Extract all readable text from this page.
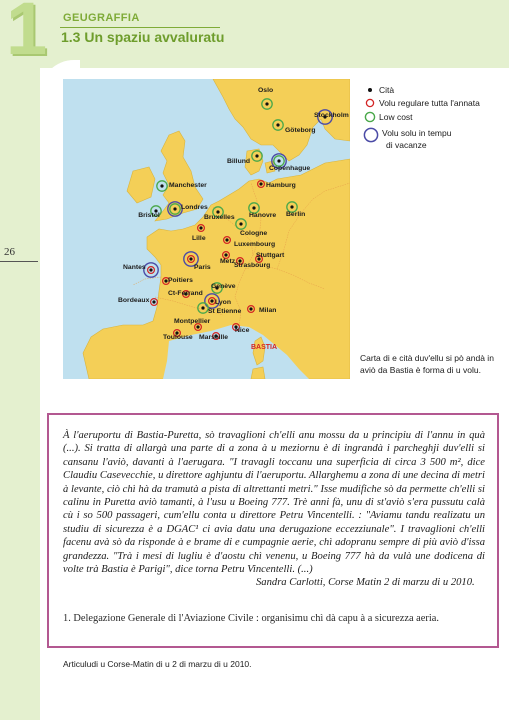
1 GEUGRAFFIA
1.3 Un spaziu avvaluratu
26
Oslo
Stockholm
Göteborg
Billund
Copenhague
Manchester	Hamburg
Londres
Bristol	Bruxelles Hanovre Berlin
Cologne
Lille
Luxembourg
Stuttgart
Paris
Metz
Strasbourg
Nantes
Poitiers
Genève
Ct-Ferrand
Bordeaux	Lyon
St Etienne	Milan
Montpellier
Toulouse Marseille
Nice
BASTIA
Cità
Volu regulare tutta l'annata
Low cost
Volu solu in tempu
di vacanze
Carta di e cità duv'ellu si pò andà in aviò da Bastia è forma di u volu.
À l'aeruportu di Bastia-Puretta, sò travaglioni ch'elli anu mossu da u principiu di l'annu in quà (...). Si tratta di allargà una parte di a zona à u meziornu è di ingrandà i parcheghji duv'elli si cansanu l'aviò, davanti à l'aerugara. "I travagli toccanu una superficia di circa 3 500 m², dice Claudiu Casevecchie, u direttore aghjuntu di l'aeruportu. Allarghemu a zona di une decina di metri à levante, ciò chì hà da tramutà a pista di altrettanti metri." Isse mudifiche sò da permette ch'elli si calinu in Puretta aviò tamanti, à l'usu u Boeing 777. Trè anni fà, unu di st'aviò s'era pussutu calà cù i so 500 passageri, cum'ellu conta u direttore Petru Vincentelli. : "Aviamu tandu realizatu un studiu di sicurezza è a DGAC¹ ci avia datu una derugazione eccezziunale". I travaglioni ch'elli facenu avà sò da risponde à e brame di e cumpagnie aerie, chì adopranu sempre di più aviò d'issa grandezza. "Trà i mesi di lugliu è d'aostu chì venenu, u Boeing 777 hà da vulà une dodicena di volte trà Bastia è Parigi", dice torna Petru Vincentelli. (...)
Sandra Carlotti, Corse Matin 2 di marzu di u 2010.
1. Delegazione Generale di l'Aviazione Civile : organisimu chì dà capu à a sicurezza aeria.
Articuludi u Corse-Matin di u 2 di marzu di u 2010.
